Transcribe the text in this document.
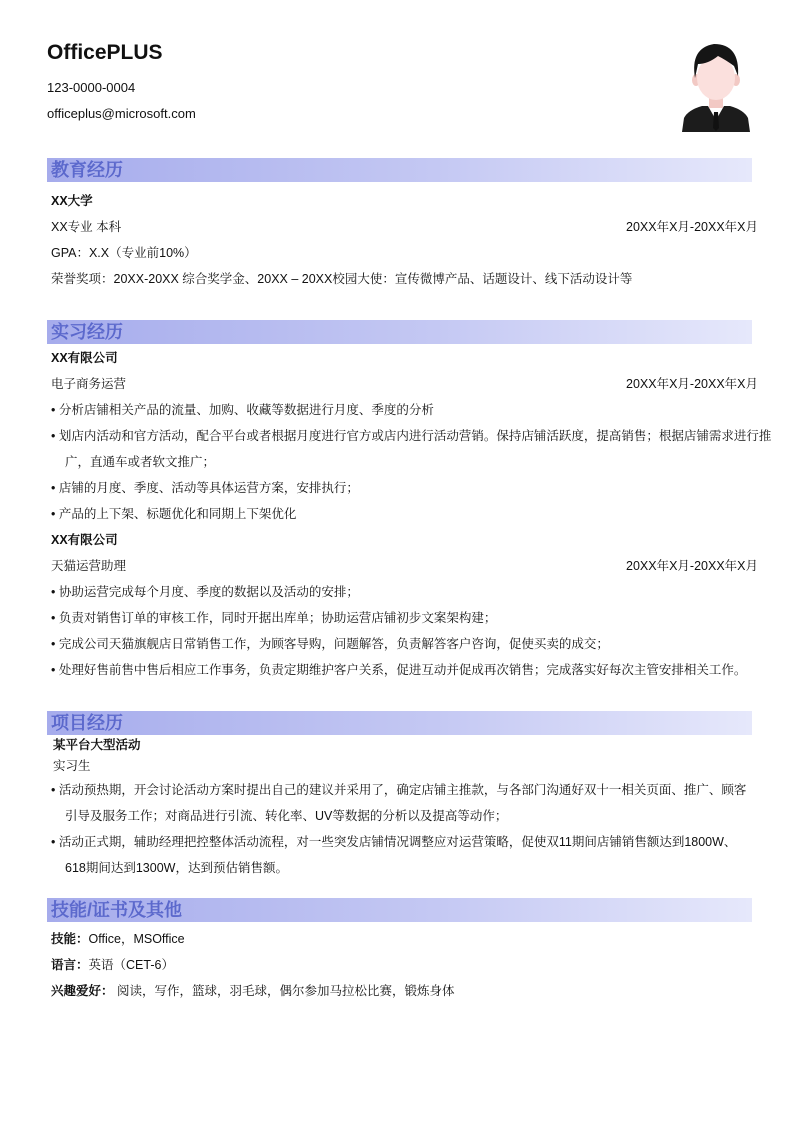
OfficePLUS
123-0000-0004
officeplus@microsoft.com
教育经历
XX大学
XX专业 本科	20XX年X月-20XX年X月
GPA：X.X（专业前10%）
荣誉奖项：20XX-20XX 综合奖学金、20XX – 20XX校园大使：宣传微博产品、话题设计、线下活动设计等
实习经历
XX有限公司
电子商务运营	20XX年X月-20XX年X月
• 分析店铺相关产品的流量、加购、收藏等数据进行月度、季度的分析
• 划店内活动和官方活动，配合平台或者根据月度进行官方或店内进行活动营销。保持店铺活跃度，提高销售；根据店铺需求进行推
广，直通车或者软文推广；
• 店铺的月度、季度、活动等具体运营方案，安排执行；
• 产品的上下架、标题优化和同期上下架优化
XX有限公司
天猫运营助理	20XX年X月-20XX年X月
• 协助运营完成每个月度、季度的数据以及活动的安排；
• 负责对销售订单的审核工作，同时开据出库单；协助运营店铺初步文案架构建；
• 完成公司天猫旗舰店日常销售工作，为顾客导购，问题解答，负责解答客户咨询，促使买卖的成交；
• 处理好售前售中售后相应工作事务，负责定期维护客户关系，促进互动并促成再次销售；完成落实好每次主管安排相关工作。
项目经历
某平台大型活动
实习生
• 活动预热期，开会讨论活动方案时提出自己的建议并采用了，确定店铺主推款，与各部门沟通好双十一相关页面、推广、顾客
引导及服务工作；对商品进行引流、转化率、UV等数据的分析以及提高等动作；
• 活动正式期，辅助经理把控整体活动流程，对一些突发店铺情况调整应对运营策略，促使双11期间店铺销售额达到1800W、
618期间达到1300W，达到预估销售额。
技能/证书及其他
技能：Office，MSOffice
语言：英语（CET-6）
兴趣爱好： 阅读，写作，篮球，羽毛球，偶尔参加马拉松比赛，锻炼身体
